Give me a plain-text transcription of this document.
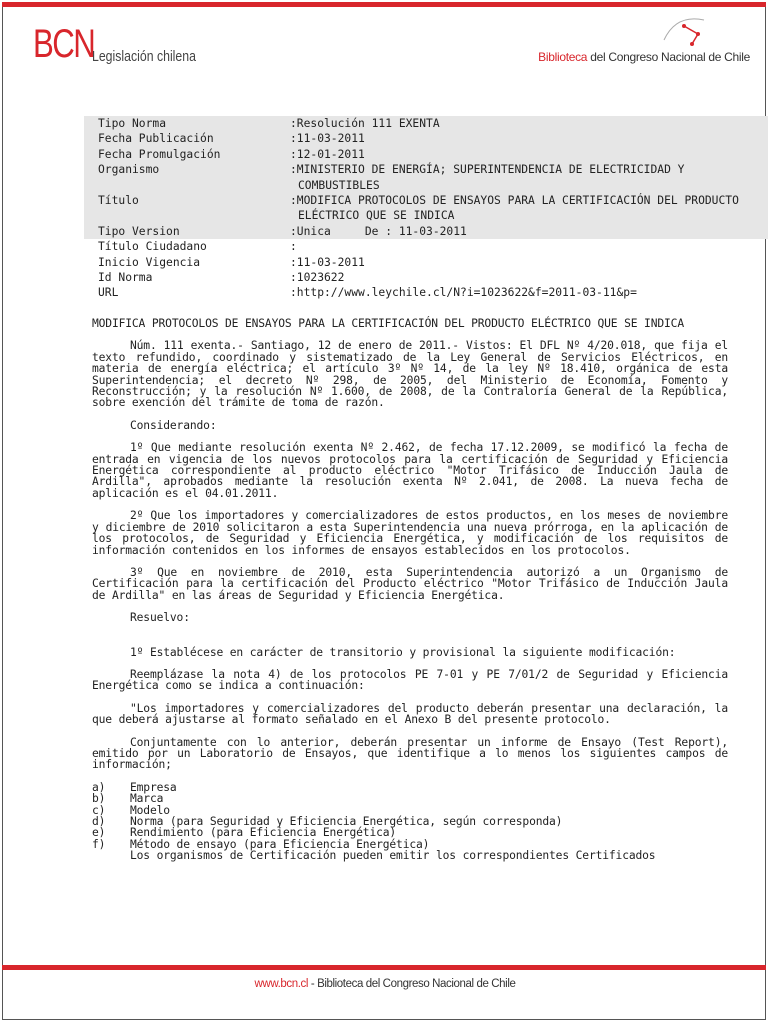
BCN
Legislación chilena	Biblioteca del Congreso Nacional de Chile
Tipo Norma	:Resolución 111 EXENTA
Fecha Publicación	:11-03-2011
Fecha Promulgación	:12-01-2011
Organismo	:MINISTERIO DE ENERGÍA; SUPERINTENDENCIA DE ELECTRICIDAD Y COMBUSTIBLES
Título	:MODIFICA PROTOCOLOS DE ENSAYOS PARA LA CERTIFICACIÓN DEL PRODUCTO ELÉCTRICO QUE SE INDICA
Tipo Version	:Unica     De : 11-03-2011
Título Ciudadano	:
Inicio Vigencia	:11-03-2011
Id Norma	:1023622
URL	:http://www.leychile.cl/N?i=1023622&f=2011-03-11&p=

MODIFICA PROTOCOLOS DE ENSAYOS PARA LA CERTIFICACIÓN DEL PRODUCTO ELÉCTRICO QUE SE INDICA

Núm. 111 exenta.- Santiago, 12 de enero de 2011.- Vistos: El DFL Nº 4/20.018, que fija el texto refundido, coordinado y sistematizado de la Ley General de Servicios Eléctricos, en materia de energía eléctrica; el artículo 3º Nº 14, de la ley Nº 18.410, orgánica de esta Superintendencia; el decreto Nº 298, de 2005, del Ministerio de Economía, Fomento y Reconstrucción; y la resolución Nº 1.600, de 2008, de la Contraloría General de la República, sobre exención del trámite de toma de razón.

Considerando:

1º Que mediante resolución exenta Nº 2.462, de fecha 17.12.2009, se modificó la fecha de entrada en vigencia de los nuevos protocolos para la certificación de Seguridad y Eficiencia Energética correspondiente al producto eléctrico "Motor Trifásico de Inducción Jaula de Ardilla", aprobados mediante la resolución exenta Nº 2.041, de 2008. La nueva fecha de aplicación es el 04.01.2011.

2º Que los importadores y comercializadores de estos productos, en los meses de noviembre y diciembre de 2010 solicitaron a esta Superintendencia una nueva prórroga, en la aplicación de los protocolos, de Seguridad y Eficiencia Energética, y modificación de los requisitos de información contenidos en los informes de ensayos establecidos en los protocolos.

3º Que en noviembre de 2010, esta Superintendencia autorizó a un Organismo de Certificación para la certificación del Producto eléctrico "Motor Trifásico de Inducción Jaula de Ardilla" en las áreas de Seguridad y Eficiencia Energética.

Resuelvo:

1º Establécese en carácter de transitorio y provisional la siguiente modificación:

Reemplázase la nota 4) de los protocolos PE 7-01 y PE 7/01/2 de Seguridad y Eficiencia Energética como se indica a continuación:

"Los importadores y comercializadores del producto deberán presentar una declaración, la que deberá ajustarse al formato señalado en el Anexo B del presente protocolo.

Conjuntamente con lo anterior, deberán presentar un informe de Ensayo (Test Report), emitido por un Laboratorio de Ensayos, que identifique a lo menos los siguientes campos de información;

a)	Empresa
b)	Marca
c)	Modelo
d)	Norma (para Seguridad y Eficiencia Energética, según corresponda)
e)	Rendimiento (para Eficiencia Energética)
f)	Método de ensayo (para Eficiencia Energética)

Los organismos de Certificación pueden emitir los correspondientes Certificados

www.bcn.cl - Biblioteca del Congreso Nacional de Chile
